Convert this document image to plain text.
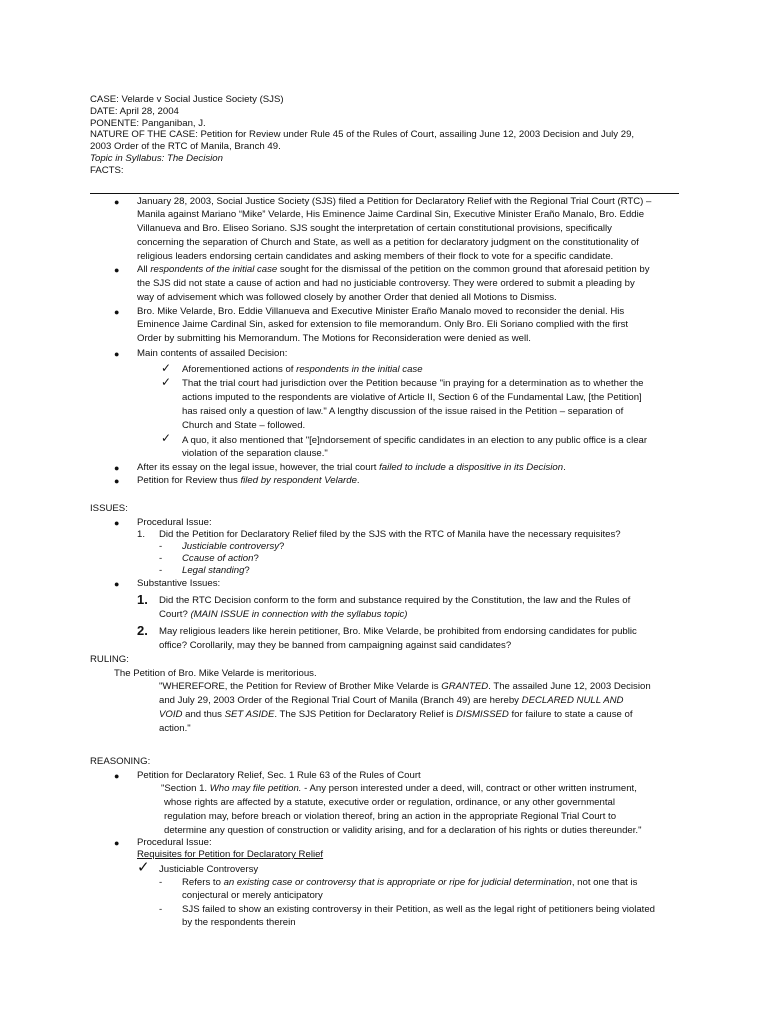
CASE: Velarde v Social Justice Society (SJS)
DATE: April 28, 2004
PONENTE: Panganiban, J.
NATURE OF THE CASE: Petition for Review under Rule 45 of the Rules of Court, assailing June 12, 2003 Decision and July 29,
2003 Order of the RTC of Manila, Branch 49.
Topic in Syllabus: The Decision
FACTS:
● January 28, 2003, Social Justice Society (SJS) filed a Petition for Declaratory Relief with the Regional Trial Court (RTC) –
Manila against Mariano “Mike” Velarde, His Eminence Jaime Cardinal Sin, Executive Minister Eraño Manalo, Bro. Eddie
Villanueva and Bro. Eliseo Soriano. SJS sought the interpretation of certain constitutional provisions, specifically
concerning the separation of Church and State, as well as a petition for declaratory judgment on the constitutionality of
religious leaders endorsing certain candidates and asking members of their flock to vote for a specific candidate.
● All respondents of the initial case sought for the dismissal of the petition on the common ground that aforesaid petition by
the SJS did not state a cause of action and had no justiciable controversy. They were ordered to submit a pleading by
way of advisement which was followed closely by another Order that denied all Motions to Dismiss.
● Bro. Mike Velarde, Bro. Eddie Villanueva and Executive Minister Eraño Manalo moved to reconsider the denial. His
Eminence Jaime Cardinal Sin, asked for extension to file memorandum. Only Bro. Eli Soriano complied with the first
Order by submitting his Memorandum. The Motions for Reconsideration were denied as well.
● Main contents of assailed Decision:
✓ Aforementioned actions of respondents in the initial case
✓ That the trial court had jurisdiction over the Petition because "in praying for a determination as to whether the
actions imputed to the respondents are violative of Article II, Section 6 of the Fundamental Law, [the Petition]
has raised only a question of law." A lengthy discussion of the issue raised in the Petition – separation of
Church and State – followed.
✓ A quo, it also mentioned that "[e]ndorsement of specific candidates in an election to any public office is a clear
violation of the separation clause."
● After its essay on the legal issue, however, the trial court failed to include a dispositive in its Decision.
● Petition for Review thus filed by respondent Velarde.
ISSUES:
● Procedural Issue:
1. Did the Petition for Declaratory Relief filed by the SJS with the RTC of Manila have the necessary requisites?
- Justiciable controversy?
- Ccause of action?
- Legal standing?
● Substantive Issues:
1. Did the RTC Decision conform to the form and substance required by the Constitution, the law and the Rules of
Court? (MAIN ISSUE in connection with the syllabus topic)
2. May religious leaders like herein petitioner, Bro. Mike Velarde, be prohibited from endorsing candidates for public
office? Corollarily, may they be banned from campaigning against said candidates?
RULING:
The Petition of Bro. Mike Velarde is meritorious.
"WHEREFORE, the Petition for Review of Brother Mike Velarde is GRANTED. The assailed June 12, 2003 Decision
and July 29, 2003 Order of the Regional Trial Court of Manila (Branch 49) are hereby DECLARED NULL AND
VOID and thus SET ASIDE. The SJS Petition for Declaratory Relief is DISMISSED for failure to state a cause of
action."
REASONING:
● Petition for Declaratory Relief, Sec. 1 Rule 63 of the Rules of Court
"Section 1. Who may file petition. - Any person interested under a deed, will, contract or other written instrument,
whose rights are affected by a statute, executive order or regulation, ordinance, or any other governmental
regulation may, before breach or violation thereof, bring an action in the appropriate Regional Trial Court to
determine any question of construction or validity arising, and for a declaration of his rights or duties thereunder."
● Procedural Issue:
Requisites for Petition for Declaratory Relief
✓ Justiciable Controversy
- Refers to an existing case or controversy that is appropriate or ripe for judicial determination, not one that is
conjectural or merely anticipatory
- SJS failed to show an existing controversy in their Petition, as well as the legal right of petitioners being violated
by the respondents therein
